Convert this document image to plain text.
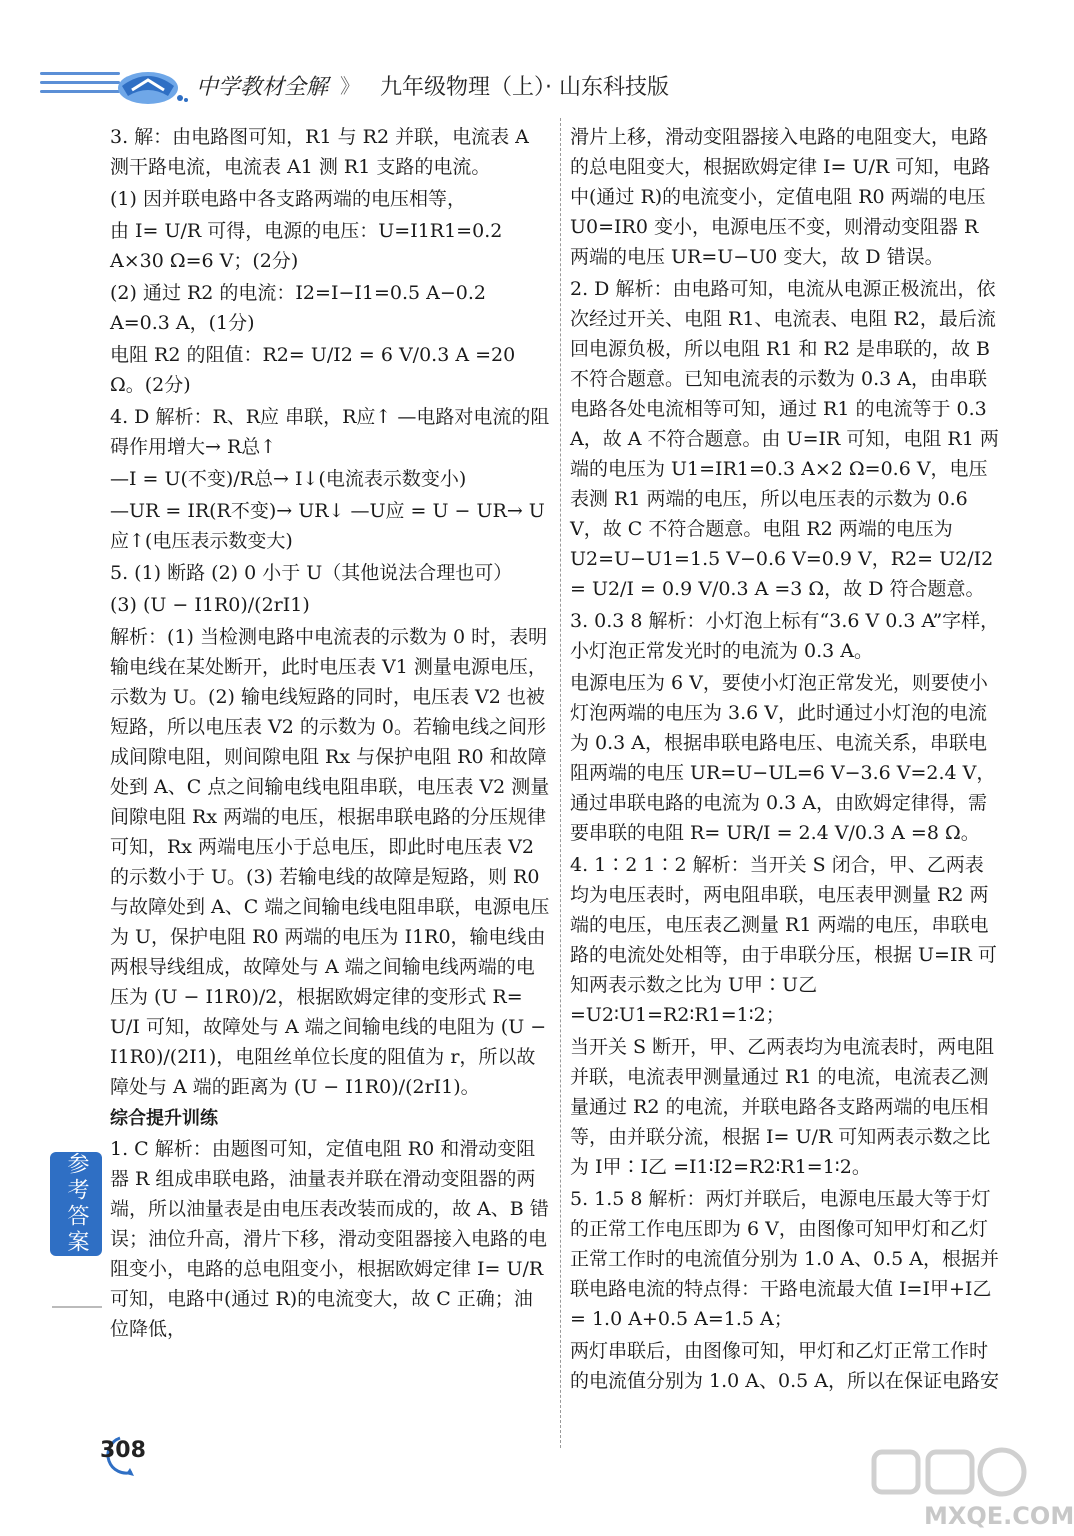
中学教材全解 》 九年级物理（上）· 山东科技版

3. 解：由电路图可知，R1 与 R2 并联，电流表 A 测干路电流，电流表 A1 测 R1 支路的电流。

(1) 因并联电路中各支路两端的电压相等，

由 I= U/R 可得，电源的电压：U=I1R1=0.2 A×30 Ω=6 V；(2分)

(2) 通过 R2 的电流：I2=I−I1=0.5 A−0.2 A=0.3 A，(1分)

电阻 R2 的阻值：R2= U/I2 = 6 V/0.3 A =20 Ω。(2分)

4. D 解析：R、R应 串联，R应↑ —电路对电流的阻碍作用增大→ R总↑

—I = U(不变)/R总→ I↓(电流表示数变小)

—UR = IR(R不变)→ UR↓ —U应 = U − UR→ U应↑(电压表示数变大)

5. (1) 断路 (2) 0 小于 U（其他说法合理也可）

(3) (U − I1R0)/(2rI1)

解析：(1) 当检测电路中电流表的示数为 0 时，表明输电线在某处断开，此时电压表 V1 测量电源电压，示数为 U。(2) 输电线短路的同时，电压表 V2 也被短路，所以电压表 V2 的示数为 0。若输电线之间形成间隙电阻，则间隙电阻 Rx 与保护电阻 R0 和故障处到 A、C 点之间输电线电阻串联，电压表 V2 测量间隙电阻 Rx 两端的电压，根据串联电路的分压规律可知，Rx 两端电压小于总电压，即此时电压表 V2 的示数小于 U。(3) 若输电线的故障是短路，则 R0 与故障处到 A、C 端之间输电线电阻串联，电源电压为 U，保护电阻 R0 两端的电压为 I1R0，输电线由两根导线组成，故障处与 A 端之间输电线两端的电压为 (U − I1R0)/2，根据欧姆定律的变形式 R= U/I 可知，故障处与 A 端之间输电线的电阻为 (U − I1R0)/(2I1)，电阻丝单位长度的阻值为 r，所以故障处与 A 端的距离为 (U − I1R0)/(2rI1)。

综合提升训练

1. C 解析：由题图可知，定值电阻 R0 和滑动变阻器 R 组成串联电路，油量表并联在滑动变阻器的两端，所以油量表是由电压表改装而成的，故 A、B 错误；油位升高，滑片下移，滑动变阻器接入电路的电阻变小，电路的总电阻变小，根据欧姆定律 I= U/R 可知，电路中(通过 R)的电流变大，故 C 正确；油位降低，

滑片上移，滑动变阻器接入电路的电阻变大，电路的总电阻变大，根据欧姆定律 I= U/R 可知，电路中(通过 R)的电流变小，定值电阻 R0 两端的电压 U0=IR0 变小，电源电压不变，则滑动变阻器 R 两端的电压 UR=U−U0 变大，故 D 错误。

2. D 解析：由电路可知，电流从电源正极流出，依次经过开关、电阻 R1、电流表、电阻 R2，最后流回电源负极，所以电阻 R1 和 R2 是串联的，故 B 不符合题意。已知电流表的示数为 0.3 A，由串联电路各处电流相等可知，通过 R1 的电流等于 0.3 A，故 A 不符合题意。由 U=IR 可知，电阻 R1 两端的电压为 U1=IR1=0.3 A×2 Ω=0.6 V，电压表测 R1 两端的电压，所以电压表的示数为 0.6 V，故 C 不符合题意。电阻 R2 两端的电压为 U2=U−U1=1.5 V−0.6 V=0.9 V，R2= U2/I2 = U2/I = 0.9 V/0.3 A =3 Ω，故 D 符合题意。

3. 0.3 8 解析：小灯泡上标有“3.6 V 0.3 A”字样，小灯泡正常发光时的电流为 0.3 A。

电源电压为 6 V，要使小灯泡正常发光，则要使小灯泡两端的电压为 3.6 V，此时通过小灯泡的电流为 0.3 A，根据串联电路电压、电流关系，串联电阻两端的电压 UR=U−UL=6 V−3.6 V=2.4 V，通过串联电路的电流为 0.3 A，由欧姆定律得，需要串联的电阻 R= UR/I = 2.4 V/0.3 A =8 Ω。

4. 1∶2 1∶2 解析：当开关 S 闭合，甲、乙两表均为电压表时，两电阻串联，电压表甲测量 R2 两端的电压，电压表乙测量 R1 两端的电压，串联电路的电流处处相等，由于串联分压，根据 U=IR 可知两表示数之比为 U甲∶U乙=U2∶U1=R2∶R1=1∶2；

当开关 S 断开，甲、乙两表均为电流表时，两电阻并联，电流表甲测量通过 R1 的电流，电流表乙测量通过 R2 的电流，并联电路各支路两端的电压相等，由并联分流，根据 I= U/R 可知两表示数之比为 I甲∶I乙 =I1∶I2=R2∶R1=1∶2。

5. 1.5 8 解析：两灯并联后，电源电压最大等于灯的正常工作电压即为 6 V，由图像可知甲灯和乙灯正常工作时的电流值分别为 1.0 A、0.5 A，根据并联电路电流的特点得：干路电流最大值 I=I甲+I乙= 1.0 A+0.5 A=1.5 A；

两灯串联后，由图像可知，甲灯和乙灯正常工作时的电流值分别为 1.0 A、0.5 A，所以在保证电路安

参考答案
308
MXQE.COM
